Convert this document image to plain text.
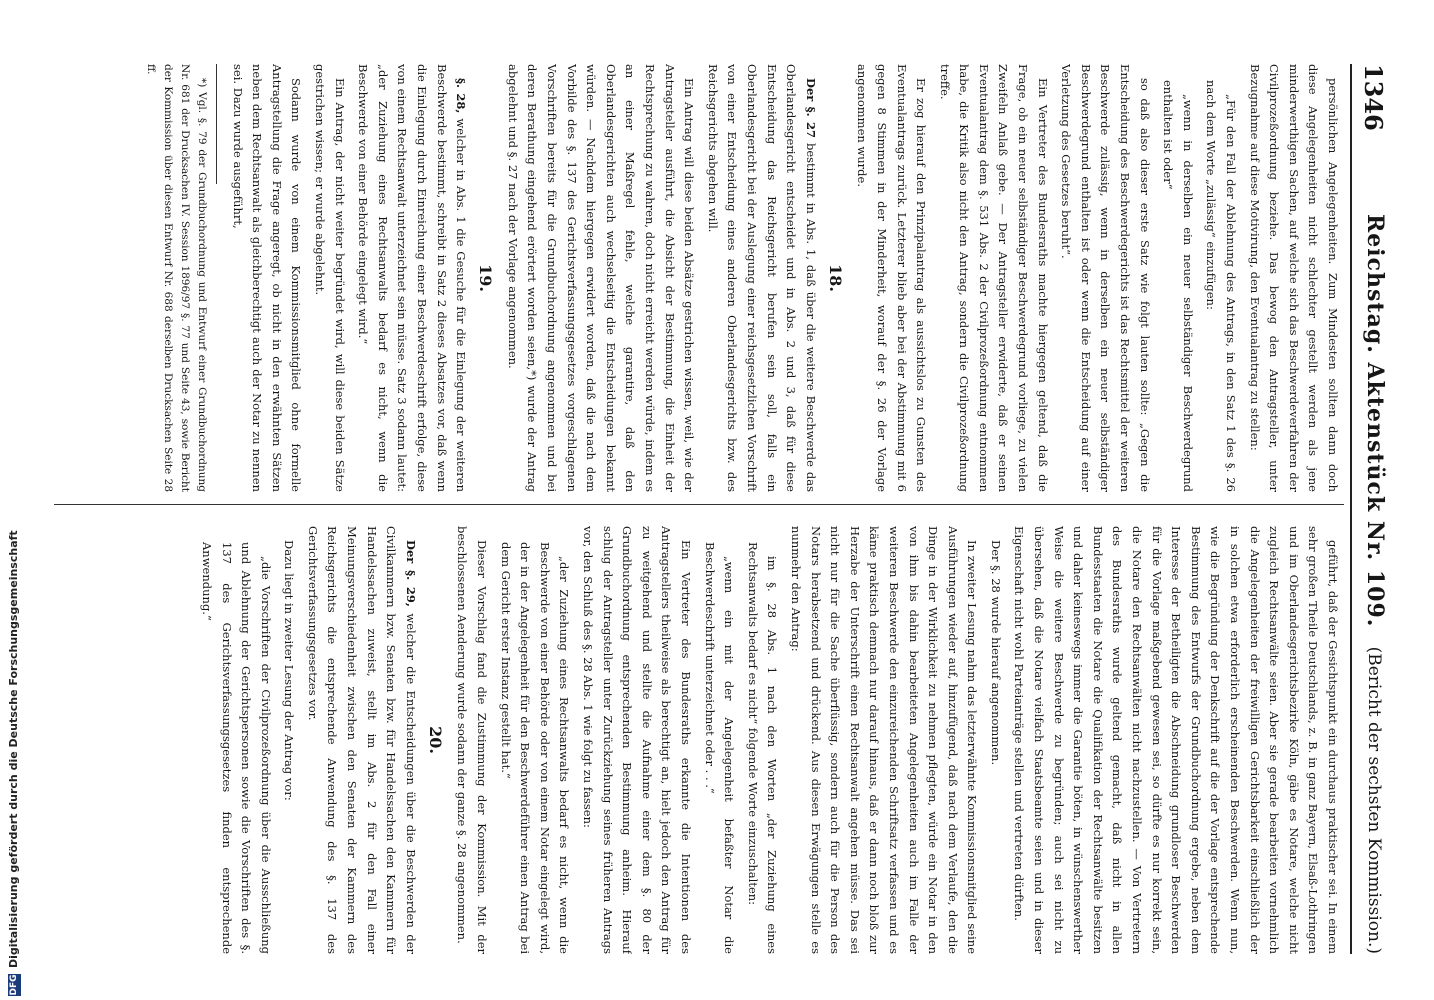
1346
Reichstag. Aktenstück Nr. 109.
(Bericht der sechsten Kommission.)

persönlichen Angelegenheiten. Zum Mindesten sollten dann doch diese Angelegenheiten nicht schlechter gestellt werden als jene minderwerthigen Sachen, auf welche sich das Beschwerdeverfahren der Civilprozeßordnung beziehe. Das bewog den Antragsteller, unter Bezugnahme auf diese Motivirung, den Eventualantrag zu stellen:

„Für den Fall der Ablehnung des Antrags, in den Satz 1 des §. 26 nach dem Worte „zulässig“ einzufügen:

„wenn in derselben ein neuer selbständiger Beschwerdegrund enthalten ist oder“

so daß also dieser erste Satz wie folgt lauten sollte: „Gegen die Entscheidung des Beschwerdegerichts ist das Rechtsmittel der weiteren Beschwerde zulässig, wenn in derselben ein neuer selbständiger Beschwerdegrund enthalten ist oder wenn die Entscheidung auf einer Verletzung des Gesetzes beruht“.

Ein Vertreter des Bundesraths machte hiergegen geltend, daß die Frage, ob ein neuer selbständiger Beschwerdegrund vorliege, zu vielen Zweifeln Anlaß gebe. — Der Antragsteller erwiderte, daß er seinen Eventualantrag dem §. 531 Abs. 2 der Civilprozeßordnung entnommen habe, die Kritik also nicht den Antrag, sondern die Civilprozeßordnung treffe.

Er zog hierauf den Prinzipalantrag als aussichtslos zu Gunsten des Eventualantrags zurück. Letzterer blieb aber bei der Abstimmung mit 6 gegen 8 Stimmen in der Minderheit, worauf der §. 26 der Vorlage angenommen wurde.

18.

Der §. 27 bestimmt in Abs. 1, daß über die weitere Beschwerde das Oberlandesgericht entscheidet und in Abs. 2 und 3, daß für diese Entscheidung das Reichsgericht berufen sein soll, falls ein Oberlandesgericht bei der Auslegung einer reichsgesetzlichen Vorschrift von einer Entscheidung eines anderen Oberlandesgerichts bzw. des Reichsgerichts abgehen will.

Ein Antrag will diese beiden Absätze gestrichen wissen, weil, wie der Antragsteller ausführt, die Absicht der Bestimmung, die Einheit der Rechtsprechung zu wahren, doch nicht erreicht werden würde, indem es an einer Maßregel fehle, welche garantire, daß den Oberlandesgerichten auch wechselseitig die Entscheidungen bekannt würden. — Nachdem hiergegen erwidert worden, daß die nach dem Vorbilde des §. 137 des Gerichtsverfassungsgesetzes vorgeschlagenen Vorschriften bereits für die Grundbuchordnung angenommen und bei deren Berathung eingehend erörtert worden seien,*) wurde der Antrag abgelehnt und §. 27 nach der Vorlage angenommen.

19.

§. 28, welcher in Abs. 1 die Gesuche für die Einlegung der weiteren Beschwerde bestimmt, schreibt in Satz 2 dieses Absatzes vor, daß wenn die Einlegung durch Einreichung einer Beschwerdeschrift erfolge, diese von einem Rechtsanwalt unterzeichnet sein müsse. Satz 3 sodann lautet: „der Zuziehung eines Rechtsanwalts bedarf es nicht, wenn die Beschwerde von einer Behörde eingelegt wird.“

Ein Antrag, der nicht weiter begründet wird, will diese beiden Sätze gestrichen wissen; er wurde abgelehnt.

Sodann wurde von einem Kommissionsmitglied ohne formelle Antragstellung die Frage angeregt, ob nicht in den erwähnten Sätzen neben dem Rechtsanwalt als gleichberechtigt auch der Notar zu nennen sei. Dazu wurde ausgeführt,

*) Vgl. §. 79 der Grundbuchordnung und Entwurf einer Grundbuchordnung Nr. 681 der Drucksachen IV. Session 1896/97 §. 77 und Seite 43, sowie Bericht der Kommission über diesen Entwurf Nr. 688 derselben Drucksachen Seite 28 ff.

geführt, daß der Gesichtspunkt ein durchaus praktischer sei. In einem sehr großen Theile Deutschlands, z. B. in ganz Bayern, Elsaß-Lothringen und im Oberlandesgerichtsbezirke Köln, gäbe es Notare, welche nicht zugleich Rechtsanwälte seien. Aber sie gerade bearbeiten vornehmlich die Angelegenheiten der freiwilligen Gerichtsbarkeit einschließlich der in solchen etwa erforderlich erscheinenden Beschwerden. Wenn nun, wie die Begründung der Denkschrift auf die der Vorlage entsprechende Bestimmung des Entwurfs der Grundbuchordnung ergebe, neben dem Interesse der Betheiligten die Abschneidung grundloser Beschwerden für die Vorlage maßgebend gewesen sei, so dürfte es nur korrekt sein, die Notare den Rechtsanwälten nicht nachzustellen. — Von Vertretern des Bundesraths wurde geltend gemacht, daß nicht in allen Bundesstaaten die Notare die Qualifikation der Rechtsanwälte besitzen und daher keineswegs immer die Garantie böten, in wünschenswerther Weise die weitere Beschwerde zu begründen; auch sei nicht zu übersehen, daß die Notare vielfach Staatsbeamte seien und in dieser Eigenschaft nicht wohl Parteianträge stellen und vertreten dürften.

Der §. 28 wurde hierauf angenommen.

In zweiter Lesung nahm das letzterwähnte Kommissionsmitglied seine Ausführungen wieder auf, hinzufügend, daß nach dem Verlaufe, den die Dinge in der Wirklichkeit zu nehmen pflegten, würde ein Notar in den von ihm bis dahin bearbeiteten Angelegenheiten auch im Falle der weiteren Beschwerde den einzureichenden Schriftsatz verfassen und es käme praktisch demnach nur darauf hinaus, daß er dann noch bloß zur Herzabe der Unterschrift einen Rechtsanwalt angehen müsse. Das sei nicht nur für die Sache überflüssig, sondern auch für die Person des Notars herabsetzend und drückend. Aus diesen Erwägungen stelle es nunmehr den Antrag:

im §. 28 Abs. 1 nach den Worten „der Zuziehung eines Rechtsanwalts bedarf es nicht“ folgende Worte einzuschalten:

„wenn ein mit der Angelegenheit befaßter Notar die Beschwerdeschrift unterzeichnet oder . . .“

Ein Vertreter des Bundesraths erkannte die Intentionen des Antragstellers theilweise als berechtigt an, hielt jedoch den Antrag für zu weitgehend und stellte die Aufnahme einer dem §. 80 der Grundbuchordnung entsprechenden Bestimmung anheim. Hierauf schlug der Antragsteller unter Zurückziehung seines früheren Antrags vor, den Schluß des §. 28 Abs. 1 wie folgt zu fassen:

„der Zuziehung eines Rechtsanwalts bedarf es nicht, wenn die Beschwerde von einer Behörde oder von einem Notar eingelegt wird, der in der Angelegenheit für den Beschwerdeführer einen Antrag bei dem Gericht erster Instanz gestellt hat.“

Dieser Vorschlag fand die Zustimmung der Kommission. Mit der beschlossenen Aenderung wurde sodann der ganze §. 28 angenommen.

20.

Der §. 29, welcher die Entscheidungen über die Beschwerden der Civilkammern bzw. Senaten bzw. für Handelssachen den Kammern für Handelssachen zuweist, stellt im Abs. 2 für den Fall einer Meinungsverschiedenheit zwischen den Senaten der Kammern des Reichsgerichts die entsprechende Anwendung des §. 137 des Gerichtsverfassungsgesetzes vor.

Dazu liegt in zweiter Lesung der Antrag vor:

„die Vorschriften der Civilprozeßordnung über die Ausschließung und Ablehnung der Gerichtspersonen sowie die Vorschriften des §. 137 des Gerichtsverfassungsgesetzes finden entsprechende Anwendung.“

DFG
Digitalisierung gefördert durch die Deutsche Forschungsgemeinschaft
